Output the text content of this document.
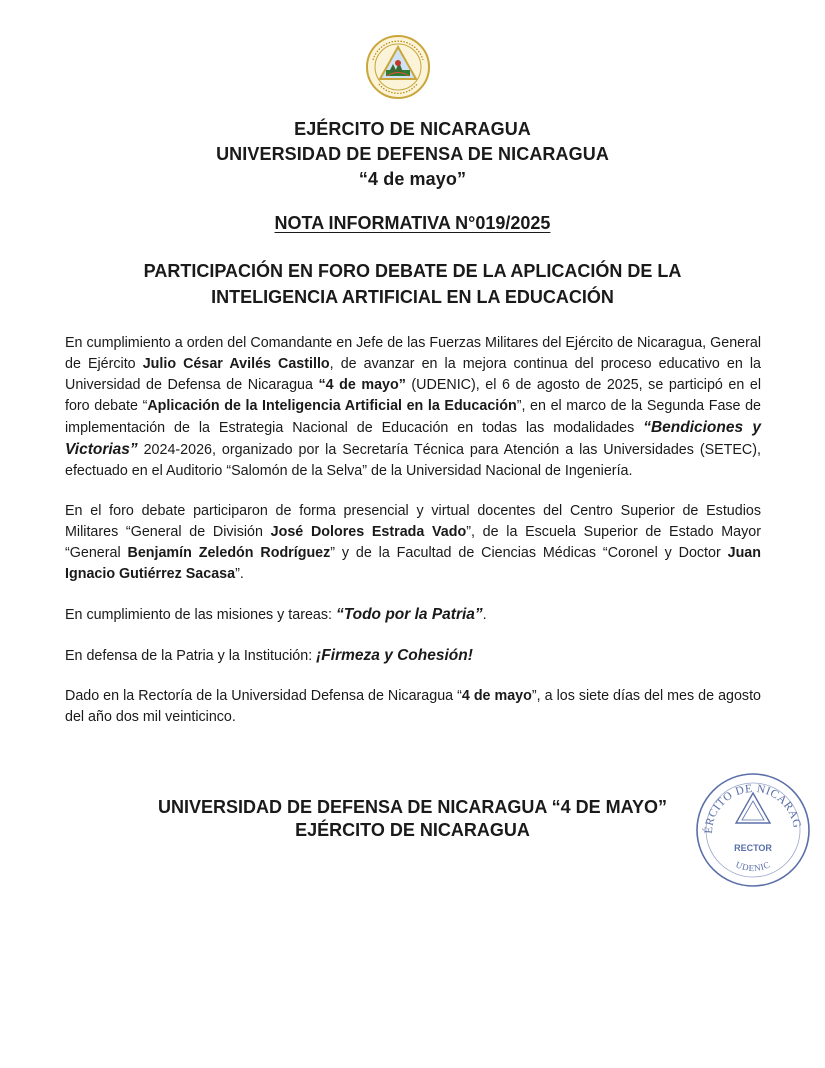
EJÉRCITO DE NICARAGUA
UNIVERSIDAD DE DEFENSA DE NICARAGUA
“4 de mayo”
NOTA INFORMATIVA N°019/2025
PARTICIPACIÓN EN FORO DEBATE DE LA APLICACIÓN DE LA
INTELIGENCIA ARTIFICIAL EN LA EDUCACIÓN

En cumplimiento a orden del Comandante en Jefe de las Fuerzas Militares del Ejército de Nicaragua, General de Ejército Julio César Avilés Castillo, de avanzar en la mejora continua del proceso educativo en la Universidad de Defensa de Nicaragua “4 de mayo” (UDENIC), el 6 de agosto de 2025, se participó en el foro debate “Aplicación de la Inteligencia Artificial en la Educación”, en el marco de la Segunda Fase de implementación de la Estrategia Nacional de Educación en todas las modalidades “Bendiciones y Victorias” 2024-2026, organizado por la Secretaría Técnica para Atención a las Universidades (SETEC), efectuado en el Auditorio “Salomón de la Selva” de la Universidad Nacional de Ingeniería.

En el foro debate participaron de forma presencial y virtual docentes del Centro Superior de Estudios Militares “General de División José Dolores Estrada Vado”, de la Escuela Superior de Estado Mayor “General Benjamín Zeledón Rodríguez” y de la Facultad de Ciencias Médicas “Coronel y Doctor Juan Ignacio Gutiérrez Sacasa”.

En cumplimiento de las misiones y tareas: “Todo por la Patria”.

En defensa de la Patria y la Institución: ¡Firmeza y Cohesión!

Dado en la Rectoría de la Universidad Defensa de Nicaragua “4 de mayo”, a los siete días del mes de agosto del año dos mil veinticinco.

UNIVERSIDAD DE DEFENSA DE NICARAGUA “4 DE MAYO”
EJÉRCITO DE NICARAGUA	ÉRCITO DE NICARAG
RECTOR
UDENIC
